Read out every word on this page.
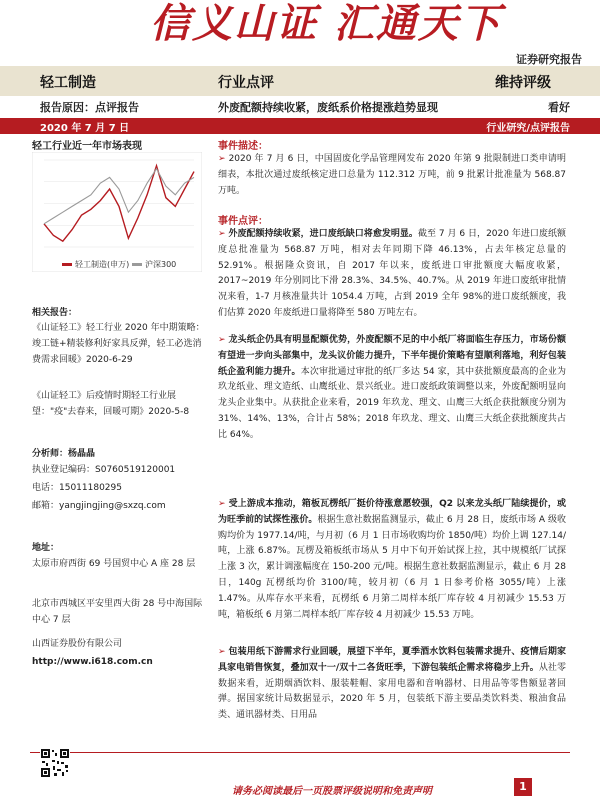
信义山证 汇通天下
证券研究报告
轻工制造	行业点评	维持评级
报告原因：点评报告	外废配额持续收紧，废纸系价格提涨趋势显现	看好
2020 年 7 月 7 日	行业研究/点评报告
轻工行业近一年市场表现
轻工制造(申万) 沪深300
相关报告：
《山证轻工》轻工行业 2020 年中期策略：竣工链+精装修利好家具反弹，轻工必选消费需求回暖》2020-6-29
《山证轻工》后疫情时期轻工行业展望："疫"去春来，回暖可期》2020-5-8
分析师：杨晶晶
执业登记编码：S0760519120001
电话：15011180295
邮箱：yangjingjing@sxzq.com
地址：
太原市府西街 69 号国贸中心 A 座 28 层
北京市西城区平安里西大街 28 号中海国际中心 7 层
山西证券股份有限公司
http://www.i618.com.cn
事件描述：
➢ 2020 年 7 月 6 日，中国固废化学品管理网发布 2020 年第 9 批限制进口类申请明细表，本批次通过废纸核定进口总量为 112.312 万吨，前 9 批累计批准量为 568.87 万吨。
事件点评：
➢ 外废配额持续收紧，进口废纸缺口将愈发明显。截至 7 月 6 日，2020 年进口废纸额度总批准量为 568.87 万吨，相对去年同期下降 46.13%，占去年核定总量的 52.91%。根据隆众资讯，自 2017 年以来，废纸进口审批额度大幅度收紧，2017~2019 年分别同比下滑 28.3%、34.5%、40.7%。从 2019 年进口废纸审批情况来看，1-7 月核准量共计 1054.4 万吨，占到 2019 全年 98%的进口废纸额度，我们估算 2020 年废纸进口量将降至 580 万吨左右。
➢ 龙头纸企仍具有明显配额优势，外废配额不足的中小纸厂将面临生存压力，市场份额有望进一步向头部集中，龙头议价能力提升，下半年提价策略有望顺利落地，利好包装纸企盈利能力提升。本次审批通过审批的纸厂多达 54 家，其中获批额度最高的企业为玖龙纸业、理文造纸、山鹰纸业、景兴纸业。进口废纸政策调整以来，外废配额明显向龙头企业集中。从获批企业来看，2019 年玖龙、理文、山鹰三大纸企获批额度分别为 31%、14%、13%，合计占 58%；2018 年玖龙、理文、山鹰三大纸企获批额度共占比 64%。
➢ 受上游成本推动，箱板瓦楞纸厂挺价待涨意愿较强，Q2 以来龙头纸厂陆续提价，或为旺季前的试探性涨价。根据生意社数据监测显示，截止 6 月 28 日，废纸市场 A 级收购均价为 1977.14/吨，与月初（6 月 1 日市场收购均价 1850/吨）均价上调 127.14/吨，上涨 6.87%。瓦楞及箱板纸市场从 5 月中下旬开始试探上拉，其中规模纸厂试探上涨 3 次，累计调涨幅度在 150-200 元/吨。根据生意社数据监测显示，截止 6 月 28 日，140g 瓦楞纸均价 3100/吨，较月初（6 月 1 日参考价格 3055/吨）上涨 1.47%。从库存水平来看，瓦楞纸 6 月第二周样本纸厂库存较 4 月初减少 15.53 万吨，箱板纸 6 月第二周样本纸厂库存较 4 月初减少 15.53 万吨。
➢ 包装用纸下游需求行业回暖，展望下半年，夏季酒水饮料包装需求提升、疫情后期家具家电销售恢复，叠加双十一/双十二各货旺季，下游包装纸企需求将稳步上升。从社零数据来看，近期烟酒饮料、服装鞋帽、家用电器和音响器材、日用品等零售额显著回弹。据国家统计局数据显示，2020 年 5 月，包装纸下游主要品类饮料类、粮油食品类、通讯器材类、日用品
请务必阅读最后一页股票评级说明和免责声明	1
